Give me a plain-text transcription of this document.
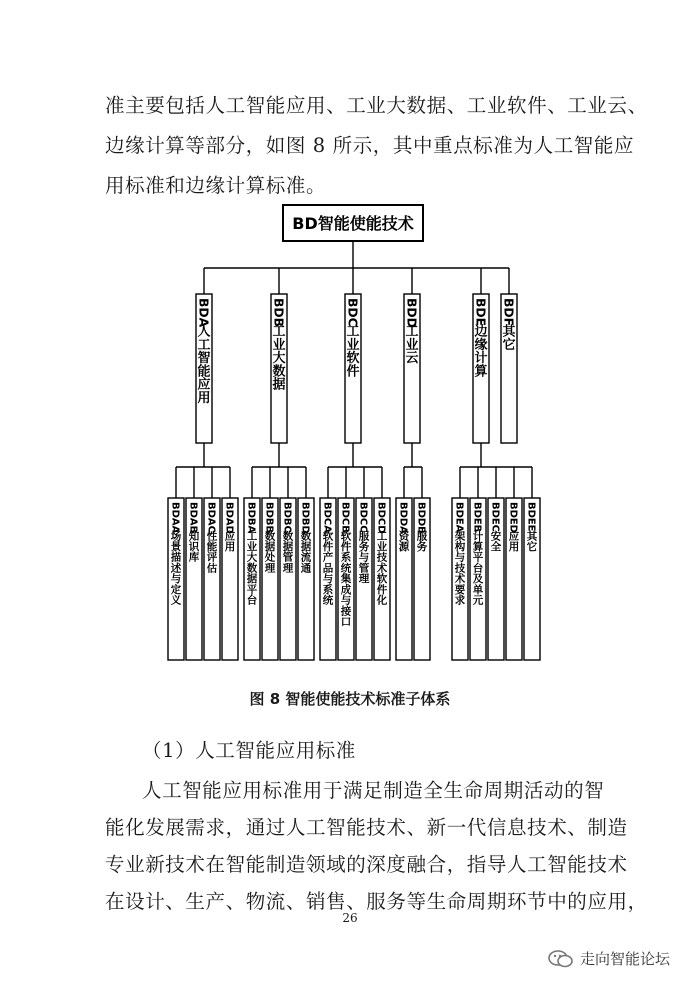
准主要包括人工智能应用、工业大数据、工业软件、工业云、
边缘计算等部分，如图 8 所示，其中重点标准为人工智能应
用标准和边缘计算标准。
BD智能使能技术
人工智能应用
BDA
场景描述与定义
BDAA
知识库
BDAB
性能评估
BDAC
应用
BDAD
工业大数据
BDB
工业大数据平台
BDBA
数据处理
BDBB
数据管理
BDBC
数据流通
BDBD
工业软件
BDC
软件产品与系统
BDCA
软件系统集成与接口
BDCB
服务与管理
BDCC
工业技术软件化
BDCD
工业云
BDD
资源
BDDA
服务
BDDB
边缘计算
BDE
架构与技术要求
BDEA
计算平台及单元
BDEB
安全
BDEC
应用
BDED
其它
BDEE
其它
BDF
图 8 智能使能技术标准子体系
（1）人工智能应用标准
人工智能应用标准用于满足制造全生命周期活动的智
能化发展需求，通过人工智能技术、新一代信息技术、制造
专业新技术在智能制造领域的深度融合，指导人工智能技术
在设计、生产、物流、销售、服务等生命周期环节中的应用，
26
走向智能论坛
